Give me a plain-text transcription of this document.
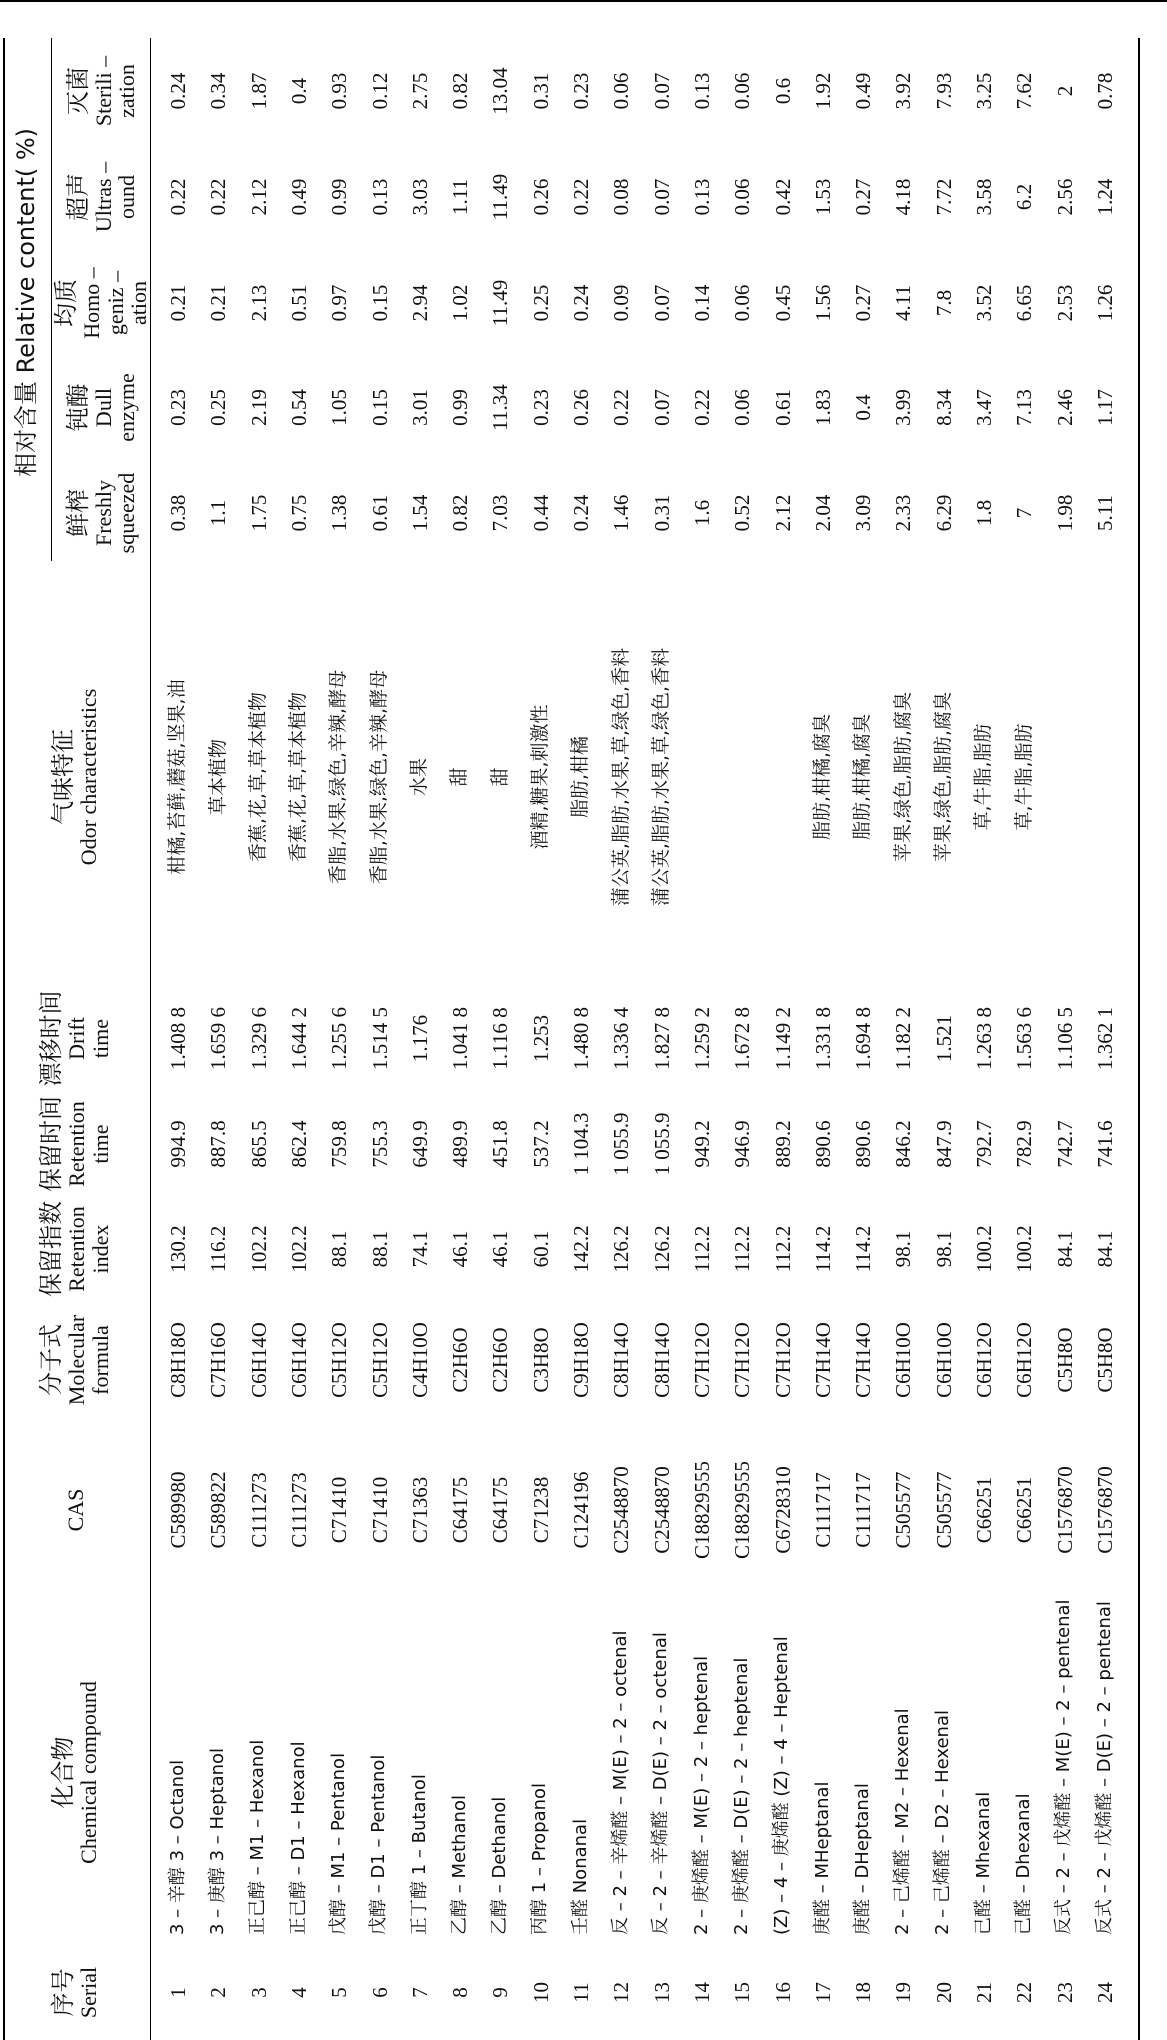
相对含量 Relative content( %)
序号
Serial
化合物
Chemical compound
CAS
分子式
Molecular
formula
保留指数
Retention
index
保留时间
Retention
time
漂移时间
Drift
time
气味特征
Odor characteristics
鲜榨
Freshly
squeezed
钝酶
Dull
enzyme
均质
Homo –
geniz –
ation
超声
Ultras –
ound
灭菌
Sterili –
zation
1
3 – 辛醇 3 – Octanol
C589980
C8H18O
130.2
994.9
1.408 8
柑橘,苔藓,蘑菇,坚果,油
0.38
0.23
0.21
0.22
0.24
2
3 – 庚醇 3 – Heptanol
C589822
C7H16O
116.2
887.8
1.659 6
草本植物
1.1
0.25
0.21
0.22
0.34
3
正己醇 – M1 – Hexanol
C111273
C6H14O
102.2
865.5
1.329 6
香蕉,花,草,草本植物
1.75
2.19
2.13
2.12
1.87
4
正己醇 – D1 – Hexanol
C111273
C6H14O
102.2
862.4
1.644 2
香蕉,花,草,草本植物
0.75
0.54
0.51
0.49
0.4
5
戊醇 – M1 – Pentanol
C71410
C5H12O
88.1
759.8
1.255 6
香脂,水果,绿色,辛辣,酵母
1.38
1.05
0.97
0.99
0.93
6
戊醇 – D1 – Pentanol
C71410
C5H12O
88.1
755.3
1.514 5
香脂,水果,绿色,辛辣,酵母
0.61
0.15
0.15
0.13
0.12
7
正丁醇 1 – Butanol
C71363
C4H10O
74.1
649.9
1.176
水果
1.54
3.01
2.94
3.03
2.75
8
乙醇 – Methanol
C64175
C2H6O
46.1
489.9
1.041 8
甜
0.82
0.99
1.02
1.11
0.82
9
乙醇 – Dethanol
C64175
C2H6O
46.1
451.8
1.116 8
甜
7.03
11.34
11.49
11.49
13.04
10
丙醇 1 – Propanol
C71238
C3H8O
60.1
537.2
1.253
酒精,糖果,刺激性
0.44
0.23
0.25
0.26
0.31
11
壬醛 Nonanal
C124196
C9H18O
142.2
1 104.3
1.480 8
脂肪,柑橘
0.24
0.26
0.24
0.22
0.23
12
反 – 2 – 辛烯醛 – M(E) – 2 – octenal
C2548870
C8H14O
126.2
1 055.9
1.336 4
蒲公英,脂肪,水果,草,绿色,香料
1.46
0.22
0.09
0.08
0.06
13
反 – 2 – 辛烯醛 – D(E) – 2 – octenal
C2548870
C8H14O
126.2
1 055.9
1.827 8
蒲公英,脂肪,水果,草,绿色,香料
0.31
0.07
0.07
0.07
0.07
14
2 – 庚烯醛 – M(E) – 2 – heptenal
C18829555
C7H12O
112.2
949.2
1.259 2
1.6
0.22
0.14
0.13
0.13
15
2 – 庚烯醛 – D(E) – 2 – heptenal
C18829555
C7H12O
112.2
946.9
1.672 8
0.52
0.06
0.06
0.06
0.06
16
(Z) – 4 – 庚烯醛 (Z) – 4 – Heptenal
C6728310
C7H12O
112.2
889.2
1.149 2
2.12
0.61
0.45
0.42
0.6
17
庚醛 – MHeptanal
C111717
C7H14O
114.2
890.6
1.331 8
脂肪,柑橘,腐臭
2.04
1.83
1.56
1.53
1.92
18
庚醛 – DHeptanal
C111717
C7H14O
114.2
890.6
1.694 8
脂肪,柑橘,腐臭
3.09
0.4
0.27
0.27
0.49
19
2 – 己烯醛 – M2 – Hexenal
C505577
C6H10O
98.1
846.2
1.182 2
苹果,绿色,脂肪,腐臭
2.33
3.99
4.11
4.18
3.92
20
2 – 己烯醛 – D2 – Hexenal
C505577
C6H10O
98.1
847.9
1.521
苹果,绿色,脂肪,腐臭
6.29
8.34
7.8
7.72
7.93
21
己醛 – Mhexanal
C66251
C6H12O
100.2
792.7
1.263 8
草,牛脂,脂肪
1.8
3.47
3.52
3.58
3.25
22
己醛 – Dhexanal
C66251
C6H12O
100.2
782.9
1.563 6
草,牛脂,脂肪
7
7.13
6.65
6.2
7.62
23
反式 – 2 – 戊烯醛 – M(E) – 2 – pentenal
C1576870
C5H8O
84.1
742.7
1.106 5
1.98
2.46
2.53
2.56
2
24
反式 – 2 – 戊烯醛 – D(E) – 2 – pentenal
C1576870
C5H8O
84.1
741.6
1.362 1
5.11
1.17
1.26
1.24
0.78
